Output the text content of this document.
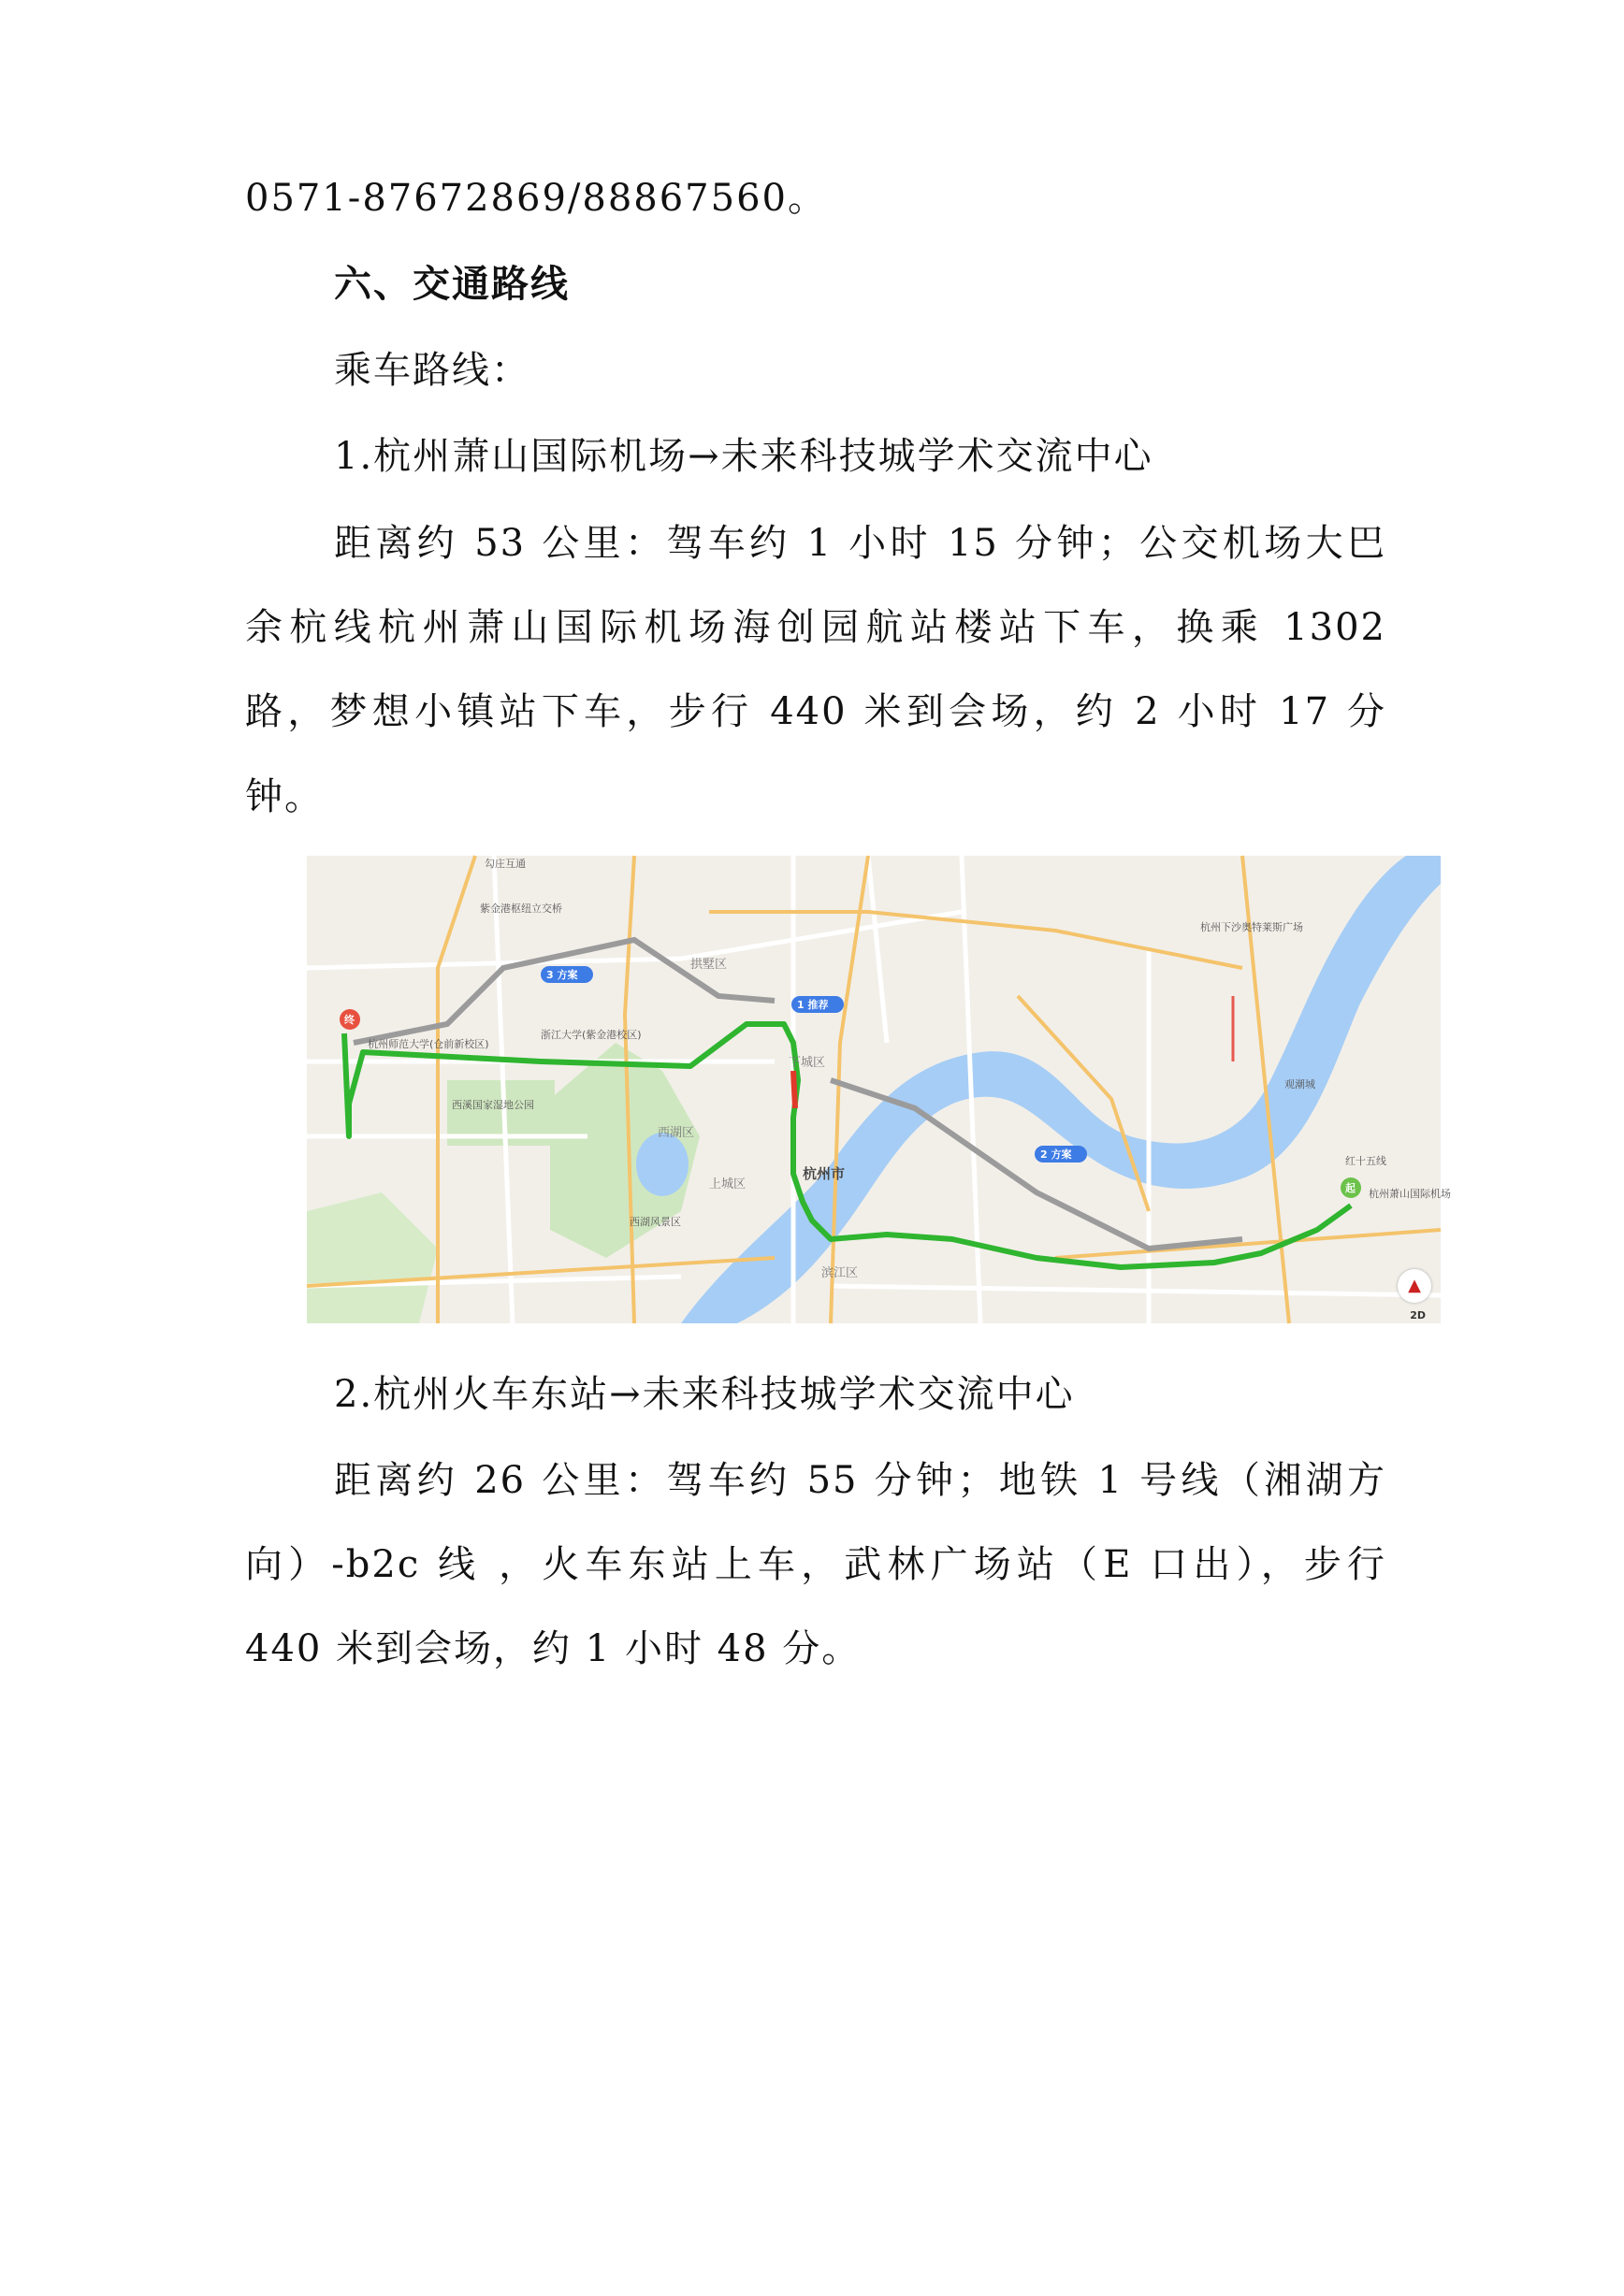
0571-87672869/88867560。
六、交通路线
乘车路线：
1.杭州萧山国际机场→未来科技城学术交流中心
距离约 53 公里：驾车约 1 小时 15 分钟；公交机场大巴
余杭线杭州萧山国际机场海创园航站楼站下车，换乘 1302
路，梦想小镇站下车，步行 440 米到会场，约 2 小时 17 分
钟。
终
起
3 方案
1 推荐
2 方案
杭州市
杭州萧山国际机场
红十五线
杭州师范大学(仓前新校区)
浙江大学(紫金港校区)
西溪国家湿地公园
西湖区
下城区
拱墅区
上城区
滨江区
西湖风景区
紫金港枢纽立交桥
勾庄互通
观潮城
杭州下沙奥特莱斯广场
▲
2D
2.杭州火车东站→未来科技城学术交流中心
距离约 26 公里：驾车约 55 分钟；地铁 1 号线（湘湖方
向）-b2c 线 ，火车东站上车，武林广场站（E 口出），步行
440 米到会场，约 1 小时 48 分。
